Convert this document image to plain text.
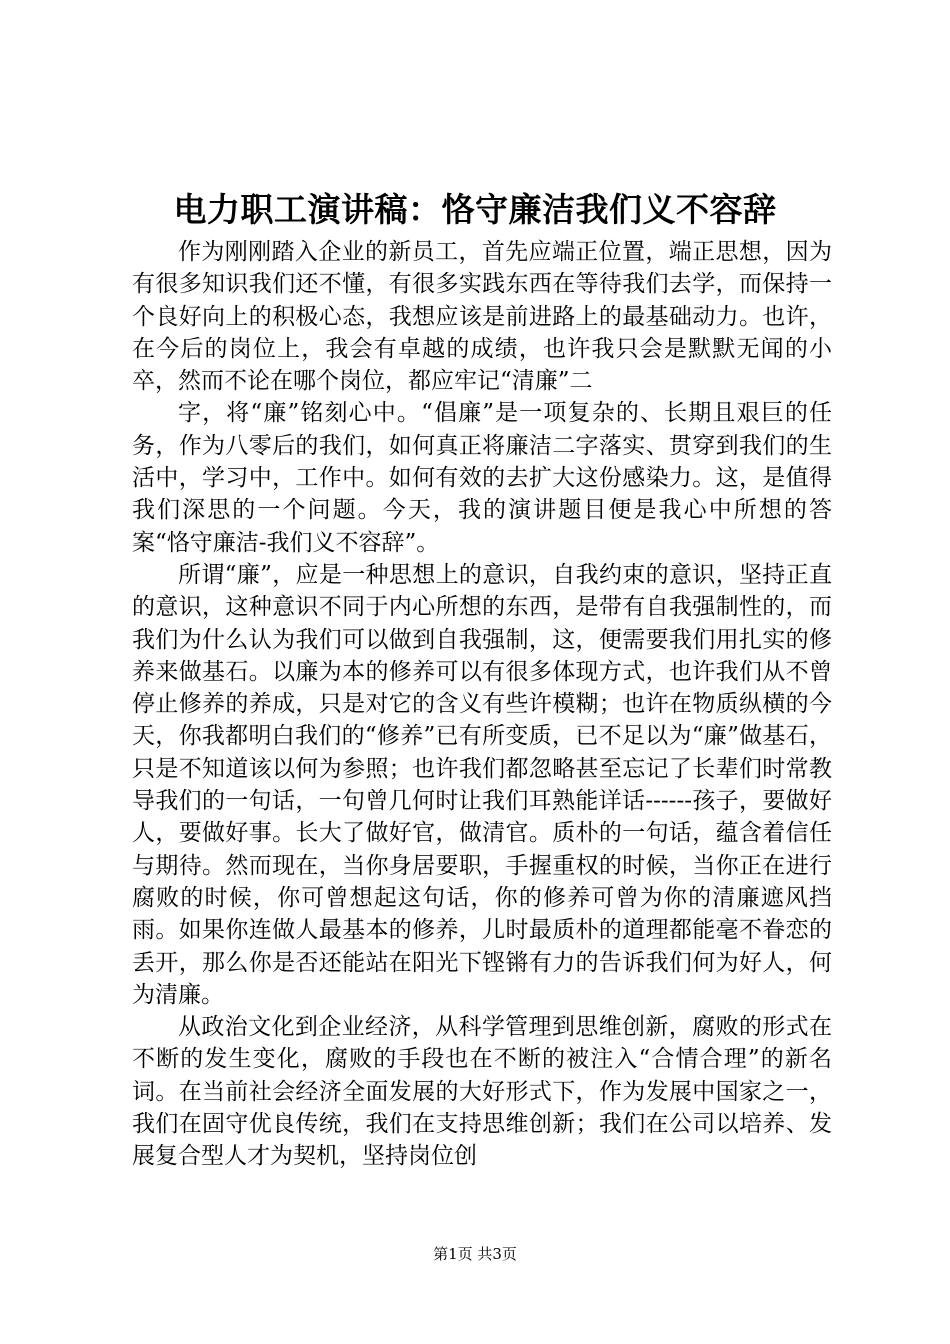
电力职工演讲稿：恪守廉洁我们义不容辞

作为刚刚踏入企业的新员工，首先应端正位置，端正思想，因为有很多知识我们还不懂，有很多实践东西在等待我们去学，而保持一个良好向上的积极心态，我想应该是前进路上的最基础动力。也许，在今后的岗位上，我会有卓越的成绩，也许我只会是默默无闻的小卒，然而不论在哪个岗位，都应牢记“清廉”二

字，将“廉”铭刻心中。“倡廉”是一项复杂的、长期且艰巨的任务，作为八零后的我们，如何真正将廉洁二字落实、贯穿到我们的生活中，学习中，工作中。如何有效的去扩大这份感染力。这，是值得我们深思的一个问题。今天，我的演讲题目便是我心中所想的答案“恪守廉洁-我们义不容辞”。

所谓“廉”，应是一种思想上的意识，自我约束的意识，坚持正直的意识，这种意识不同于内心所想的东西，是带有自我强制性的，而我们为什么认为我们可以做到自我强制，这，便需要我们用扎实的修养来做基石。以廉为本的修养可以有很多体现方式，也许我们从不曾停止修养的养成，只是对它的含义有些许模糊；也许在物质纵横的今天，你我都明白我们的“修养”已有所变质，已不足以为“廉”做基石，只是不知道该以何为参照；也许我们都忽略甚至忘记了长辈们时常教导我们的一句话，一句曾几何时让我们耳熟能详话------孩子，要做好人，要做好事。长大了做好官，做清官。质朴的一句话，蕴含着信任与期待。然而现在，当你身居要职，手握重权的时候，当你正在进行腐败的时候，你可曾想起这句话，你的修养可曾为你的清廉遮风挡雨。如果你连做人最基本的修养，儿时最质朴的道理都能毫不眷恋的丢开，那么你是否还能站在阳光下铿锵有力的告诉我们何为好人，何为清廉。

从政治文化到企业经济，从科学管理到思维创新，腐败的形式在不断的发生变化，腐败的手段也在不断的被注入“合情合理”的新名词。在当前社会经济全面发展的大好形式下，作为发展中国家之一，我们在固守优良传统，我们在支持思维创新；我们在公司以培养、发展复合型人才为契机，坚持岗位创

第1页 共3页
